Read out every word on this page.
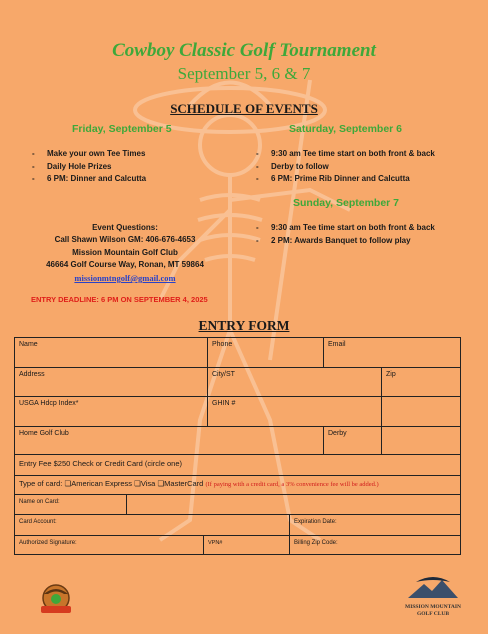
Cowboy Classic Golf Tournament
September 5, 6 & 7
SCHEDULE OF EVENTS
Friday, September 5
- Make your own Tee Times
- Daily Hole Prizes
- 6 PM: Dinner and Calcutta
Saturday, September 6
- 9:30 am Tee time start on both front & back
- Derby to follow
- 6 PM: Prime Rib Dinner and Calcutta
Sunday, September 7
- 9:30 am Tee time start on both front & back
- 2 PM: Awards Banquet to follow play
Event Questions:
Call Shawn Wilson GM: 406-676-4653
Mission Mountain Golf Club
46664 Golf Course Way, Ronan, MT 59864
missionmtngolf@gmail.com
ENTRY DEADLINE: 6 PM ON SEPTEMBER 4, 2025
ENTRY FORM
Name	Phone	Email
Address	City/ST	Zip
USGA Hdcp Index*	GHIN #
Home Golf Club	Derby
Entry Fee $250 Check or Credit Card (circle one)
Type of card: ❏American Express ❏Visa ❏MasterCard (If paying with a credit card, a 3% convenience fee will be added.)
Name on Card:
Card Account:	Expiration Date:
Authorized Signature:	VPN#	Billing Zip Code:
MISSION MOUNTAIN
GOLF CLUB
